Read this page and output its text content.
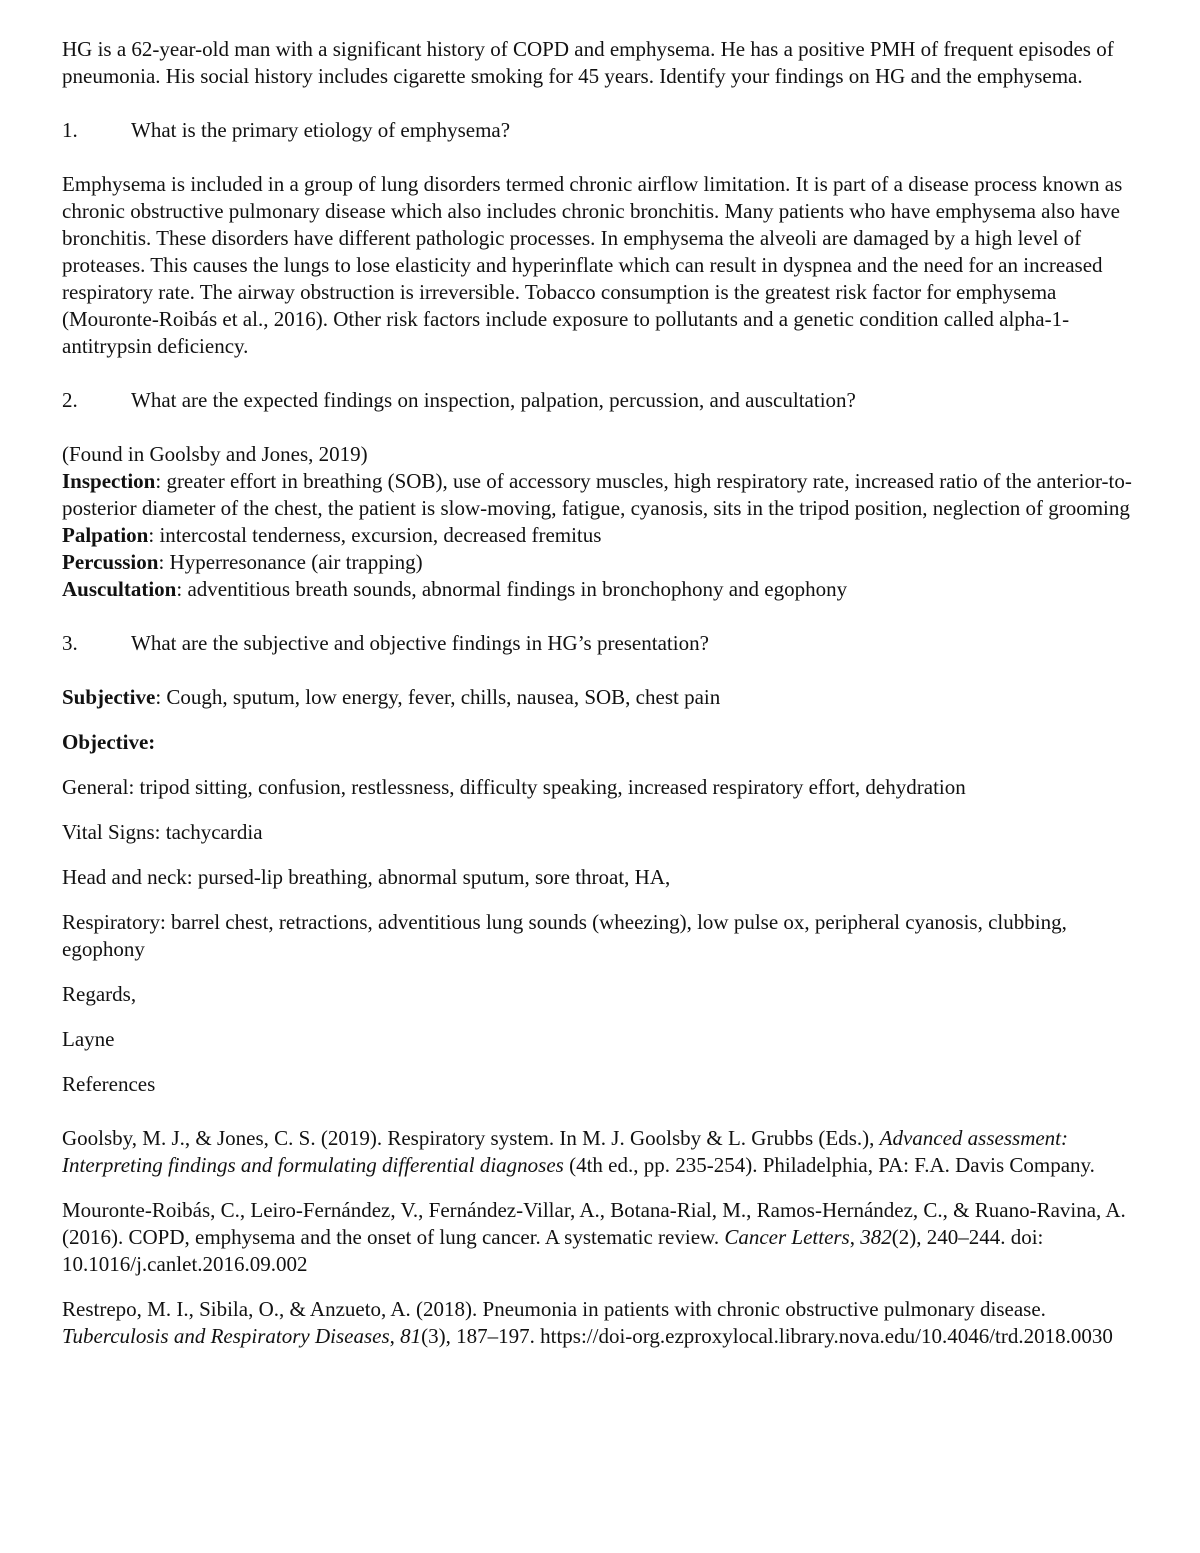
HG is a 62-year-old man with a significant history of COPD and emphysema. He has a positive PMH of frequent episodes of pneumonia. His social history includes cigarette smoking for 45 years. Identify your findings on HG and the emphysema.

1.	What is the primary etiology of emphysema?

Emphysema is included in a group of lung disorders termed chronic airflow limitation. It is part of a disease process known as chronic obstructive pulmonary disease which also includes chronic bronchitis. Many patients who have emphysema also have bronchitis. These disorders have different pathologic processes. In emphysema the alveoli are damaged by a high level of proteases. This causes the lungs to lose elasticity and hyperinflate which can result in dyspnea and the need for an increased respiratory rate. The airway obstruction is irreversible. Tobacco consumption is the greatest risk factor for emphysema (Mouronte-Roibás et al., 2016). Other risk factors include exposure to pollutants and a genetic condition called alpha-1-antitrypsin deficiency.

2.	What are the expected findings on inspection, palpation, percussion, and auscultation?

(Found in Goolsby and Jones, 2019)

Inspection: greater effort in breathing (SOB), use of accessory muscles, high respiratory rate, increased ratio of the anterior-to-posterior diameter of the chest, the patient is slow-moving, fatigue, cyanosis, sits in the tripod position, neglection of grooming

Palpation: intercostal tenderness, excursion, decreased fremitus

Percussion: Hyperresonance (air trapping)

Auscultation: adventitious breath sounds, abnormal findings in bronchophony and egophony

3.	What are the subjective and objective findings in HG’s presentation?

Subjective: Cough, sputum, low energy, fever, chills, nausea, SOB, chest pain

Objective:

General: tripod sitting, confusion, restlessness, difficulty speaking, increased respiratory effort, dehydration

Vital Signs: tachycardia

Head and neck: pursed-lip breathing, abnormal sputum, sore throat, HA,

Respiratory: barrel chest, retractions, adventitious lung sounds (wheezing), low pulse ox, peripheral cyanosis, clubbing, egophony

Regards,

Layne

References

Goolsby, M. J., & Jones, C. S. (2019). Respiratory system. In M. J. Goolsby & L. Grubbs (Eds.), Advanced assessment: Interpreting findings and formulating differential diagnoses (4th ed., pp. 235-254). Philadelphia, PA: F.A. Davis Company.

Mouronte-Roibás, C., Leiro-Fernández, V., Fernández-Villar, A., Botana-Rial, M., Ramos-Hernández, C., & Ruano-Ravina, A. (2016). COPD, emphysema and the onset of lung cancer. A systematic review. Cancer Letters, 382(2), 240–244. doi: 10.1016/j.canlet.2016.09.002

Restrepo, M. I., Sibila, O., & Anzueto, A. (2018). Pneumonia in patients with chronic obstructive pulmonary disease. Tuberculosis and Respiratory Diseases, 81(3), 187–197. https://doi-org.ezproxylocal.library.nova.edu/10.4046/trd.2018.0030
